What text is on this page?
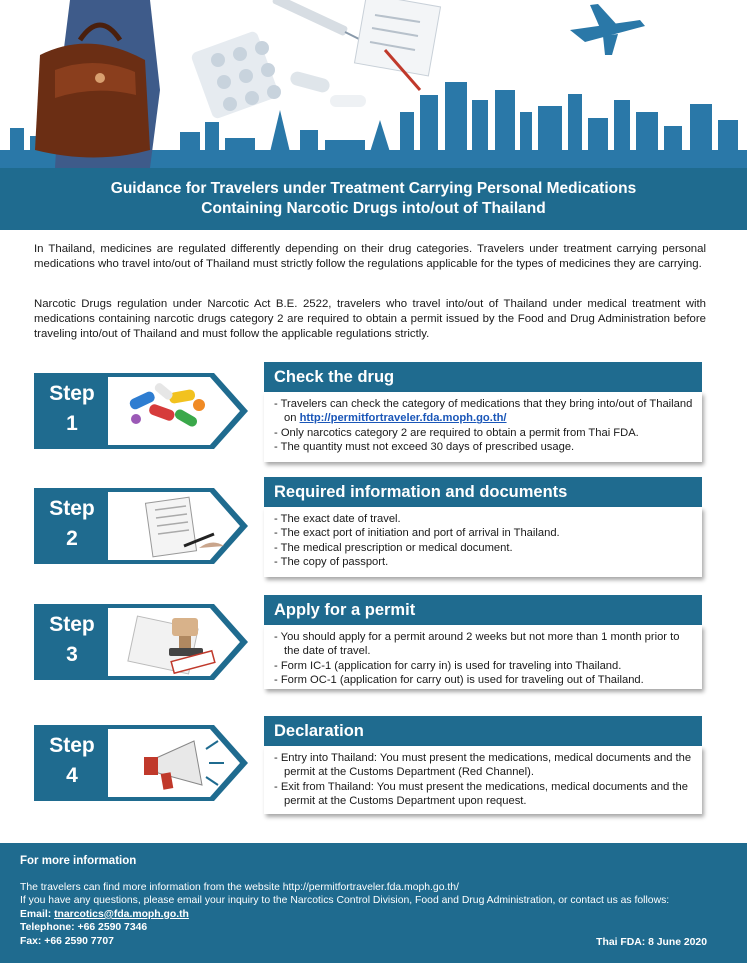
Guidance for Travelers under Treatment Carrying Personal Medications
Containing Narcotic Drugs into/out of Thailand
In Thailand, medicines are regulated differently depending on their drug categories. Travelers under treatment carrying personal medications who travel into/out of Thailand must strictly follow the regulations applicable for the types of medicines they are carrying.
Narcotic Drugs regulation under Narcotic Act B.E. 2522, travelers who travel into/out of Thailand under medical treatment with medications containing narcotic drugs category 2 are required to obtain a permit issued by the Food and Drug Administration before traveling into/out of Thailand and must follow the applicable regulations strictly.
Step
1
Check the drug
- Travelers can check the category of medications that they bring into/out of Thailand on http://permitfortraveler.fda.moph.go.th/
- Only narcotics category 2 are required to obtain a permit from Thai FDA.
- The quantity must not exceed 30 days of prescribed usage.
Step
2
Required information and documents
- The exact date of travel.
- The exact port of initiation and port of arrival in Thailand.
- The medical prescription or medical document.
- The copy of passport.
Step
3
Apply for a permit
- You should apply for a permit around 2 weeks but not more than 1 month prior to the date of travel.
- Form IC-1 (application for carry in) is used for traveling into Thailand.
- Form OC-1 (application for carry out) is used for traveling out of Thailand.
Step
4
Declaration
- Entry into Thailand: You must present the medications, medical documents and the permit at the Customs Department (Red Channel).
- Exit from Thailand: You must present the medications, medical documents and the permit at the Customs Department upon request.
For more information
The travelers can find more information from the website http://permitfortraveler.fda.moph.go.th/
If you have any questions, please email your inquiry to the Narcotics Control Division, Food and Drug Administration, or contact us as follows:
Email: tnarcotics@fda.moph.go.th
Telephone: +66 2590 7346
Fax: +66 2590 7707	Thai FDA: 8 June 2020
